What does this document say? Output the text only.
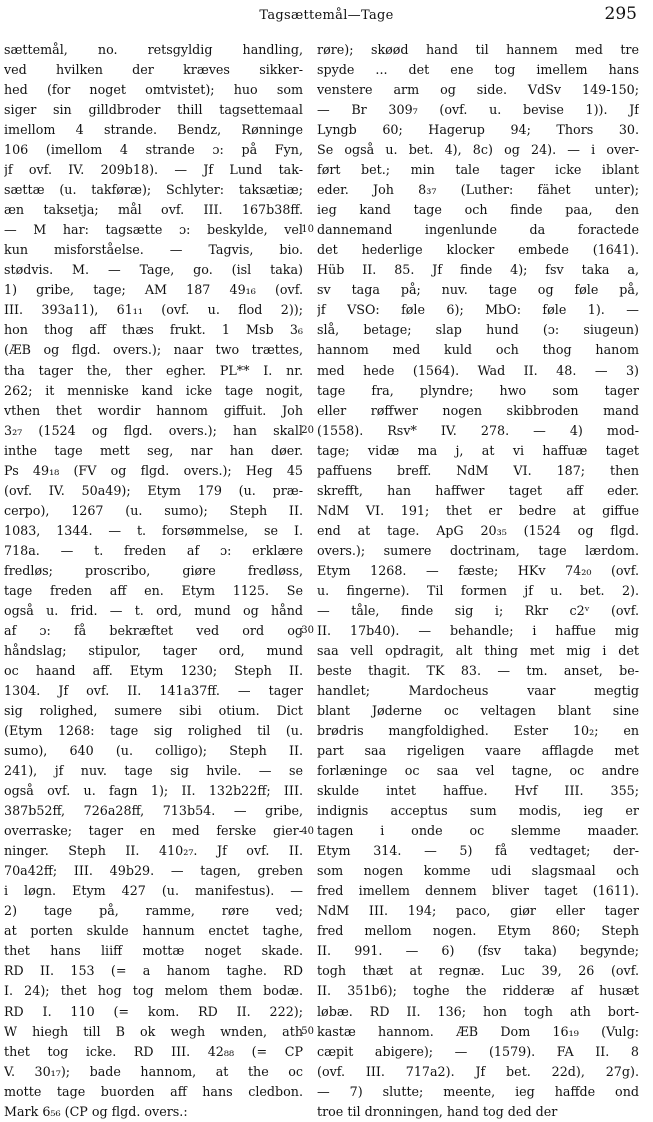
Tagsættemål—Tage	295
sættemål, no. retsgyldig handling,
ved hvilken der kræves sikker-
hed (for noget omtvistet); huo som
siger sin gilldbroder thill tagsettemaal
imellom 4 strande. Bendz, Rønninge
106 (imellom 4 strande ɔ: på Fyn,
jf ovf. IV. 209b18). — Jf Lund tak-
sættæ (u. takføræ); Schlyter: taksætiæ;
æn taksetja; mål ovf. III. 167b38ff.
— M har: tagsætte ɔ: beskylde, vel
kun misforståelse. — Tagvis, bio.
stødvis. M. — Tage, go. (isl taka)
1) gribe, tage; AM 187 49₁₆ (ovf.
III. 393a11), 61₁₁ (ovf. u. flod 2));
hon thog aff thæs frukt. 1 Msb 3₆
(ÆB og flgd. overs.); naar two trættes,
tha tager the, ther egher. PL** I. nr.
262; it menniske kand icke tage nogit,
vthen thet wordir hannom giffuit. Joh
3₂₇ (1524 og flgd. overs.); han skall
inthe tage mett seg, nar han døer.
Ps 49₁₈ (FV og flgd. overs.); Heg 45
(ovf. IV. 50a49); Etym 179 (u. præ-
cerpo), 1267 (u. sumo); Steph II.
1083, 1344. — t. forsømmelse, se I.
718a. — t. freden af ɔ: erklære
fredløs; proscribo, giøre fredløss,
tage freden aff en. Etym 1125. Se
også u. frid. — t. ord, mund og hånd
af ɔ: få bekræftet ved ord og
håndslag; stipulor, tager ord, mund
oc haand aff. Etym 1230; Steph II.
1304. Jf ovf. II. 141a37ff. — tager
sig rolighed, sumere sibi otium. Dict
(Etym 1268: tage sig rolighed til (u.
sumo), 640 (u. colligo); Steph II.
241), jf nuv. tage sig hvile. — se
også ovf. u. fagn 1); II. 132b22ff; III.
387b52ff, 726a28ff, 713b54. — gribe,
overraske; tager en med ferske gier-
ninger. Steph II. 410₂₇. Jf ovf. II.
70a42ff; III. 49b29. — tagen, greben
i løgn. Etym 427 (u. manifestus). —
2) tage på, ramme, røre ved;
at porten skulde hannum enctet taghe,
thet hans liiff mottæ noget skade.
RD II. 153 (= a hanom taghe. RD
I. 24); thet hog tog melom them bodæ.
RD I. 110 (= kom. RD II. 222);
W hiegh till B ok wegh wnden, ath
thet tog icke. RD III. 42₈₈ (= CP
V. 30₁₇); bade hannom, at the oc
motte tage buorden aff hans cledbon.
Mark 6₅₆ (CP og flgd. overs.:
røre); skøød hand til hannem med tre
spyde ... det ene tog imellem hans
venstere arm og side. VdSv 149-150;
— Br 309₇ (ovf. u. bevise 1)). Jf
Lyngb 60; Hagerup 94; Thors 30.
Se også u. bet. 4), 8c) og 24). — i over-
ført bet.; min tale tager icke iblant
eder. Joh 8₃₇ (Luther: fähet unter);
ieg kand tage och finde paa, den
dannemand ingenlunde da foractede
det hederlige klocker embede (1641).
Hüb II. 85. Jf finde 4); fsv taka a,
sv taga på; nuv. tage og føle på,
jf VSO: føle 6); MbO: føle 1). —
slå, betage; slap hund (ɔ: siugeun)
hannom med kuld och thog hanom
med hede (1564). Wad II. 48. — 3)
tage fra, plyndre; hwo som tager
eller røffwer nogen skibbroden mand
(1558). Rsv* IV. 278. — 4) mod-
tage; vidæ ma j, at vi haffuæ taget
paffuens breff. NdM VI. 187; then
skrefft, han haffwer taget aff eder.
NdM VI. 191; thet er bedre at giffue
end at tage. ApG 20₃₅ (1524 og flgd.
overs.); sumere doctrinam, tage lærdom.
Etym 1268. — fæste; HKv 74₂₀ (ovf.
u. fingerne). Til formen jf u. bet. 2).
— tåle, finde sig i; Rkr c2ᵛ (ovf.
II. 17b40). — behandle; i haffue mig
saa vell opdragit, alt thing met mig i det
beste thagit. TK 83. — tm. anset, be-
handlet; Mardocheus vaar megtig
blant Jøderne oc veltagen blant sine
brødris mangfoldighed. Ester 10₂; en
part saa rigeligen vaare afflagde met
forlæninge oc saa vel tagne, oc andre
skulde intet haffue. Hvf III. 355;
indignis acceptus sum modis, ieg er
tagen i onde oc slemme maader.
Etym 314. — 5) få vedtaget; der-
som nogen komme udi slagsmaal och
fred imellem dennem bliver taget (1611).
NdM III. 194; paco, giør eller tager
fred mellom nogen. Etym 860; Steph
II. 991. — 6) (fsv taka) begynde;
togh thæt at regnæ. Luc 39, 26 (ovf.
II. 351b6); toghe the ridderæ af husæt
løbæ. RD II. 136; hon togh ath bort-
kastæ hannom. ÆB Dom 16₁₉ (Vulg:
cæpit abigere); — (1579). FA II. 8
(ovf. III. 717a2). Jf bet. 22d), 27g).
— 7) slutte; meente, ieg haffde ond
troe til dronningen, hand tog ded der
10
20
30
40
50
